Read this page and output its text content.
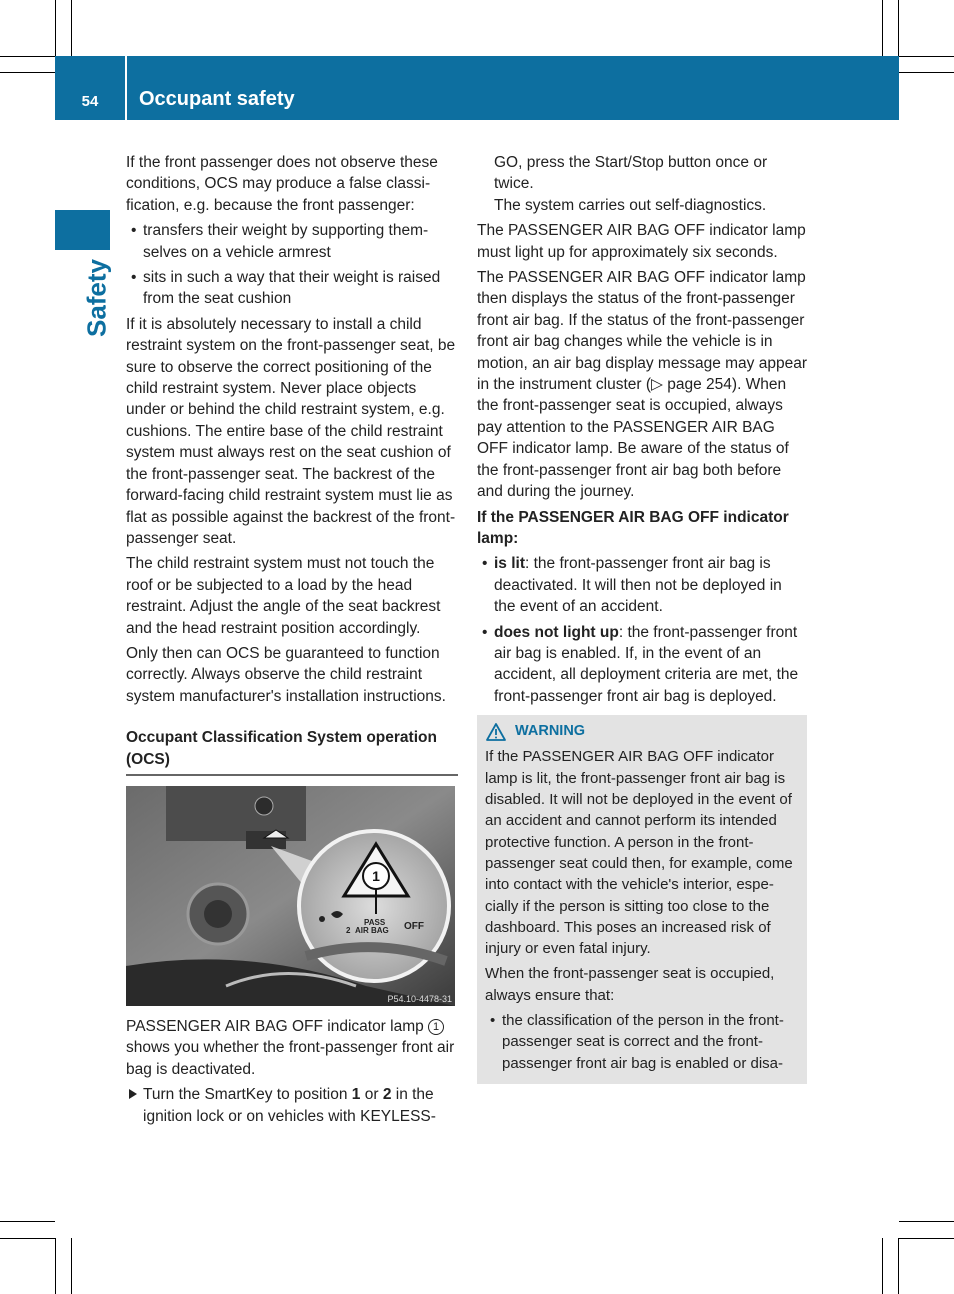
54	Occupant safety
Safety

If the front passenger does not observe these conditions, OCS may produce a false classification, e.g. because the front passenger:

• transfers their weight by supporting themselves on a vehicle armrest
• sits in such a way that their weight is raised from the seat cushion

If it is absolutely necessary to install a child restraint system on the front-passenger seat, be sure to observe the correct positioning of the child restraint system. Never place objects under or behind the child restraint system, e.g. cushions. The entire base of the child restraint system must always rest on the seat cushion of the front-passenger seat. The backrest of the forward-facing child restraint system must lie as flat as possible against the backrest of the front-passenger seat.

The child restraint system must not touch the roof or be subjected to a load by the head restraint. Adjust the angle of the seat backrest and the head restraint position accordingly.

Only then can OCS be guaranteed to function correctly. Always observe the child restraint system manufacturer's installation instructions.

Occupant Classification System operation (OCS)

1
PASS
2 AIR BAG OFF
P54.10-4478-31

PASSENGER AIR BAG OFF indicator lamp 1 shows you whether the front-passenger front air bag is deactivated.

Turn the SmartKey to position 1 or 2 in the ignition lock or on vehicles with KEYLESS-

GO, press the Start/Stop button once or twice.

The system carries out self-diagnostics.

The PASSENGER AIR BAG OFF indicator lamp must light up for approximately six seconds.

The PASSENGER AIR BAG OFF indicator lamp then displays the status of the front-passenger front air bag. If the status of the front-passenger front air bag changes while the vehicle is in motion, an air bag display message may appear in the instrument cluster (▷ page 254). When the front-passenger seat is occupied, always pay attention to the PASSENGER AIR BAG OFF indicator lamp. Be aware of the status of the front-passenger front air bag both before and during the journey.

If the PASSENGER AIR BAG OFF indicator lamp:

• is lit: the front-passenger front air bag is deactivated. It will then not be deployed in the event of an accident.
• does not light up: the front-passenger front air bag is enabled. If, in the event of an accident, all deployment criteria are met, the front-passenger front air bag is deployed.
WARNING

If the PASSENGER AIR BAG OFF indicator lamp is lit, the front-passenger front air bag is disabled. It will not be deployed in the event of an accident and cannot perform its intended protective function. A person in the front-passenger seat could then, for example, come into contact with the vehicle's interior, especially if the person is sitting too close to the dashboard. This poses an increased risk of injury or even fatal injury.

When the front-passenger seat is occupied, always ensure that:

• the classification of the person in the front-passenger seat is correct and the front-passenger front air bag is enabled or disa-
